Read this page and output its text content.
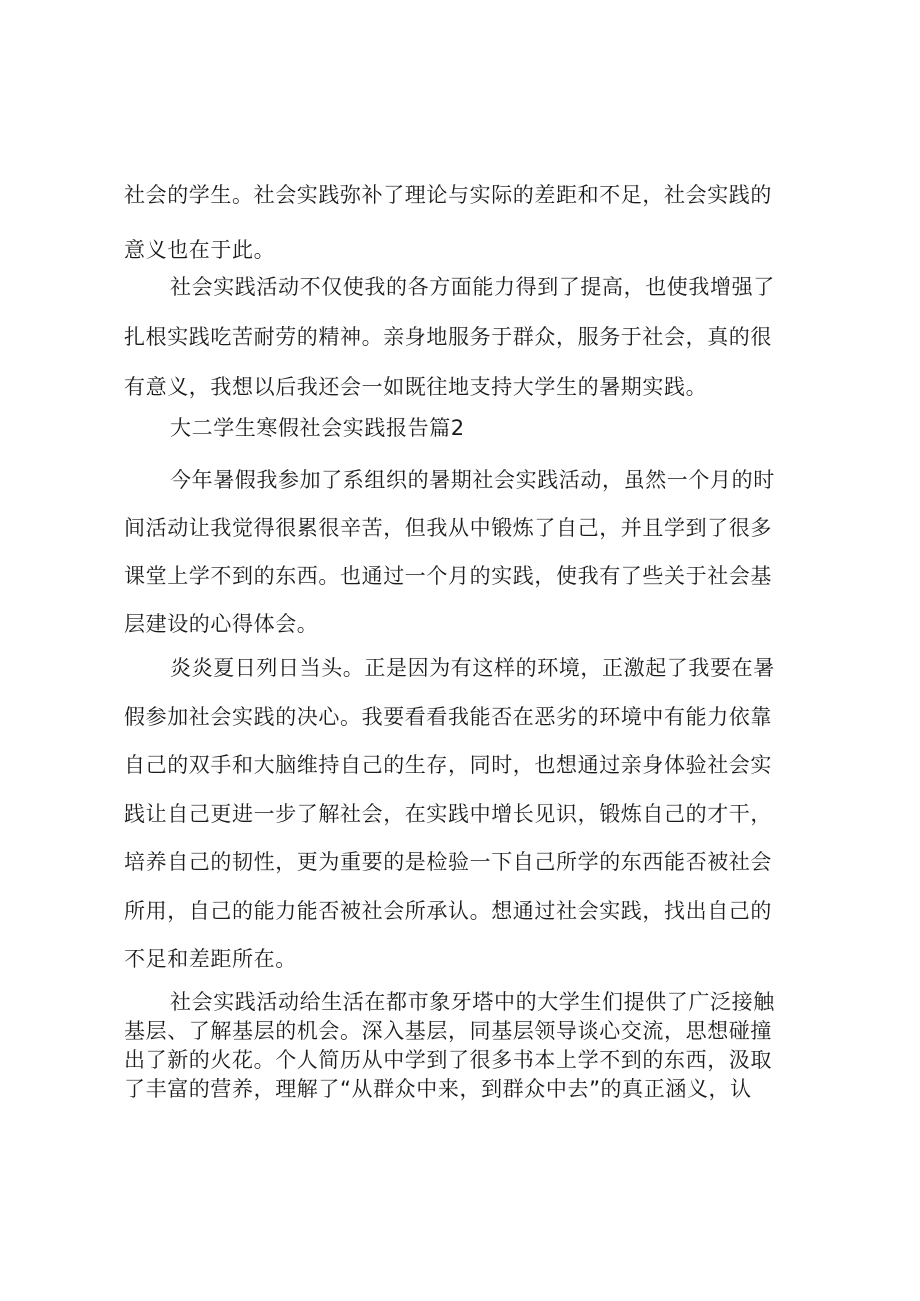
社会的学生。社会实践弥补了理论与实际的差距和不足，社会实践的
意义也在于此。
社会实践活动不仅使我的各方面能力得到了提高，也使我增强了
扎根实践吃苦耐劳的精神。亲身地服务于群众，服务于社会，真的很
有意义，我想以后我还会一如既往地支持大学生的暑期实践。
大二学生寒假社会实践报告篇2
今年暑假我参加了系组织的暑期社会实践活动，虽然一个月的时
间活动让我觉得很累很辛苦，但我从中锻炼了自己，并且学到了很多
课堂上学不到的东西。也通过一个月的实践，使我有了些关于社会基
层建设的心得体会。
炎炎夏日列日当头。正是因为有这样的环境，正激起了我要在暑
假参加社会实践的决心。我要看看我能否在恶劣的环境中有能力依靠
自己的双手和大脑维持自己的生存，同时，也想通过亲身体验社会实
践让自己更进一步了解社会，在实践中增长见识，锻炼自己的才干，
培养自己的韧性，更为重要的是检验一下自己所学的东西能否被社会
所用，自己的能力能否被社会所承认。想通过社会实践，找出自己的
不足和差距所在。
社会实践活动给生活在都市象牙塔中的大学生们提供了广泛接触
基层、了解基层的机会。深入基层，同基层领导谈心交流，思想碰撞
出了新的火花。个人简历从中学到了很多书本上学不到的东西，汲取
了丰富的营养，理解了“从群众中来，到群众中去”的真正涵义，认
